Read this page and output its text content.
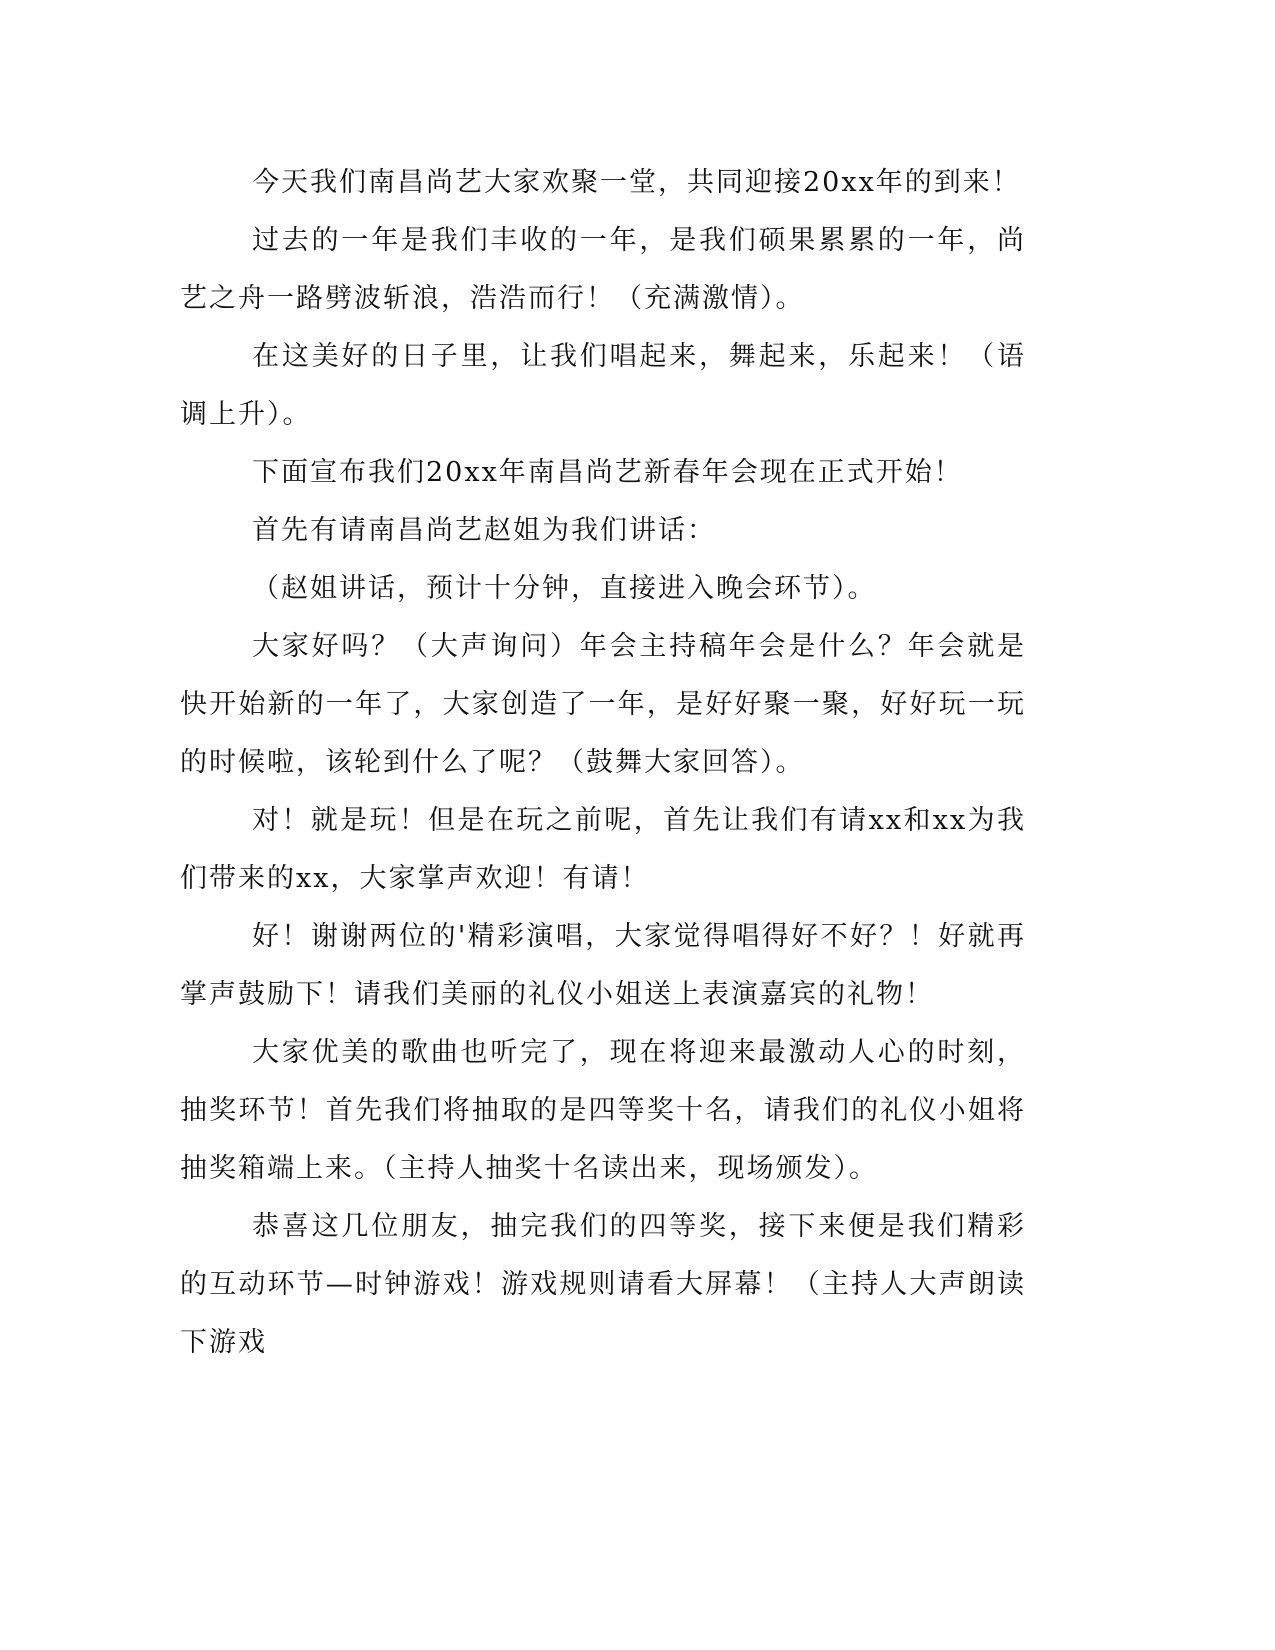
今天我们南昌尚艺大家欢聚一堂，共同迎接20xx年的到来！

过去的一年是我们丰收的一年，是我们硕果累累的一年，尚艺之舟一路劈波斩浪，浩浩而行！（充满激情）。

在这美好的日子里，让我们唱起来，舞起来，乐起来！（语调上升）。

下面宣布我们20xx年南昌尚艺新春年会现在正式开始！

首先有请南昌尚艺赵姐为我们讲话：

（赵姐讲话，预计十分钟，直接进入晚会环节）。

大家好吗？（大声询问）年会主持稿年会是什么？年会就是快开始新的一年了，大家创造了一年，是好好聚一聚，好好玩一玩的时候啦，该轮到什么了呢？（鼓舞大家回答）。

对！就是玩！但是在玩之前呢，首先让我们有请xx和xx为我们带来的xx，大家掌声欢迎！有请！

好！谢谢两位的'精彩演唱，大家觉得唱得好不好？！好就再掌声鼓励下！请我们美丽的礼仪小姐送上表演嘉宾的礼物！

大家优美的歌曲也听完了，现在将迎来最激动人心的时刻，抽奖环节！首先我们将抽取的是四等奖十名，请我们的礼仪小姐将抽奖箱端上来。（主持人抽奖十名读出来，现场颁发）。

恭喜这几位朋友，抽完我们的四等奖，接下来便是我们精彩的互动环节—时钟游戏！游戏规则请看大屏幕！（主持人大声朗读下游戏
